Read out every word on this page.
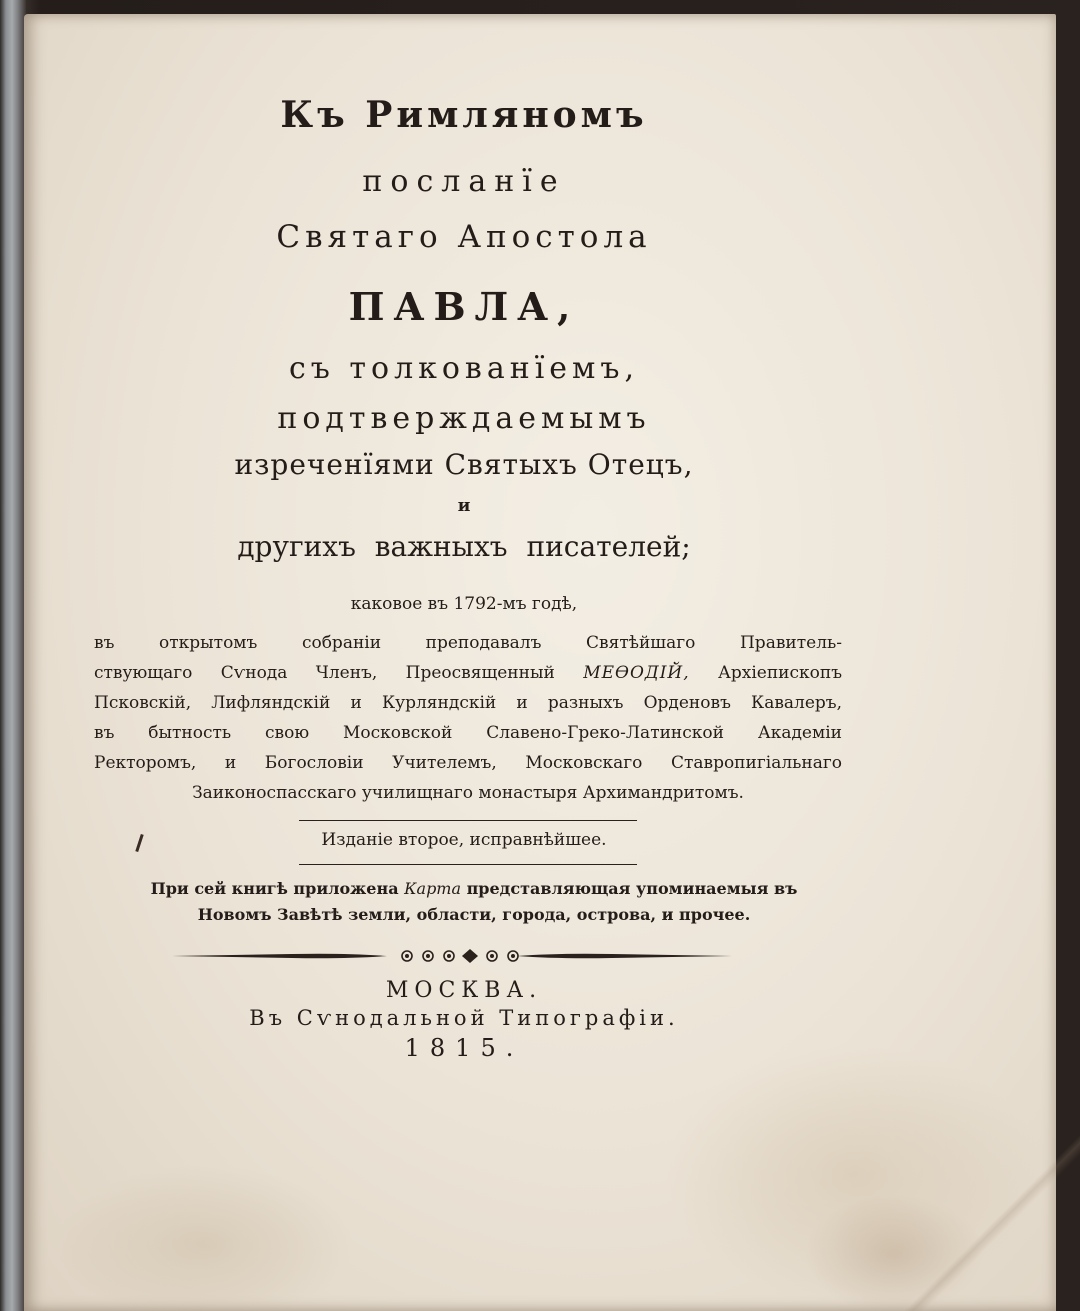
Къ Римляномъ
посланїе
Святаго Апостола
ПАВЛА,
съ толкованїемъ,
подтверждаемымъ
изреченїями Святыхъ Отецъ,
и
другихъ важныхъ писателей;
каковое въ 1792-мъ годѣ,
въ открытомъ собраніи преподавалъ Святѣйшаго Правитель-
ствующаго Сѵнода Членъ, Преосвященный МЕѲОДІЙ, Архіепископъ
Псковскій, Лифляндскій и Курляндскій и разныхъ Орденовъ Кавалеръ,
въ бытность свою Московской Славено-Греко-Латинской Академіи
Ректоромъ, и Богословіи Учителемъ, Московскаго Ставропигіальнаго
Заиконоспасскаго училищнаго монастыря Архимандритомъ.
Изданіе второе, исправнѣйшее.
При сей книгѣ приложена Карта представляющая упоминаемыя въ
Новомъ Завѣтѣ земли, области, города, острова, и прочее.
МОСКВА.
Въ Сѵнодальной Типографіи.
1815.
